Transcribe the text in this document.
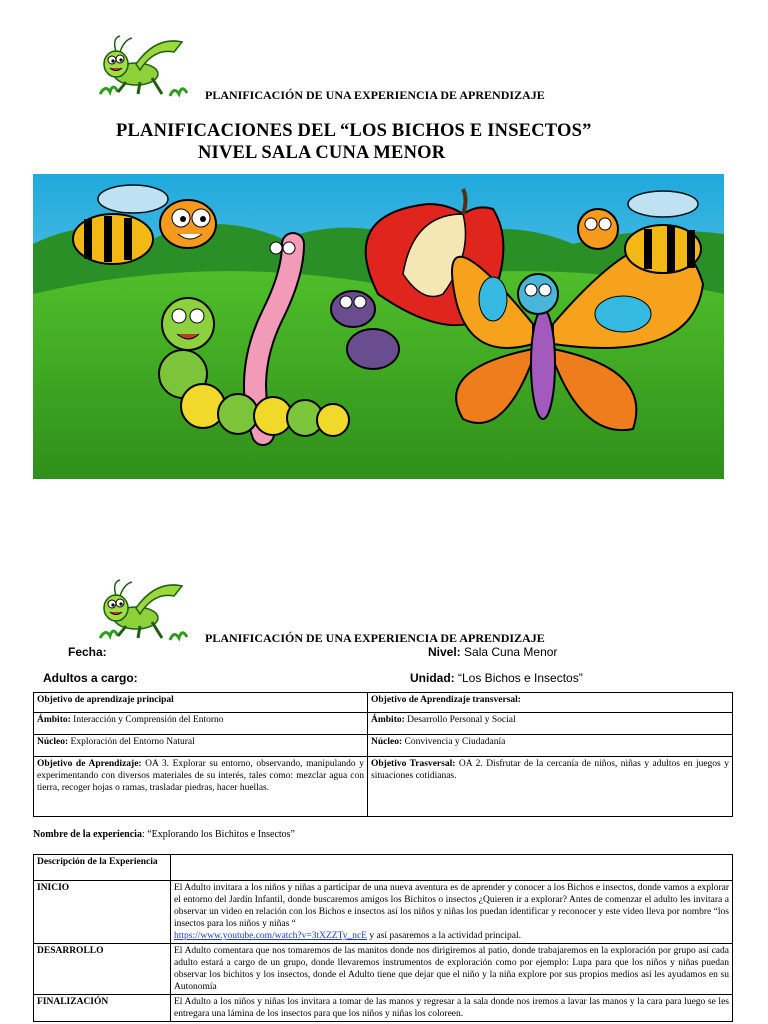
PLANIFICACIÓN DE UNA EXPERIENCIA DE APRENDIZAJE
PLANIFICACIONES DEL “LOS BICHOS E INSECTOS”
NIVEL SALA CUNA MENOR
PLANIFICACIÓN DE UNA EXPERIENCIA DE APRENDIZAJE
Fecha:	Nivel: Sala Cuna Menor
Adultos a cargo:	Unidad: “Los Bichos e Insectos”
Objetivo de aprendizaje principal	Objetivo de Aprendizaje transversal:
Ámbito: Interacción y Comprensión del Entorno	Ámbito: Desarrollo Personal y Social
Núcleo: Exploración del Entorno Natural	Núcleo: Convivencia y Ciudadanía
Objetivo de Aprendizaje: OA 3. Explorar su entorno, observando, manipulando y experimentando con diversos materiales de su interés, tales como: mezclar agua con tierra, recoger hojas o ramas, trasladar piedras, hacer huellas.	Objetivo Trasversal: OA 2. Disfrutar de la cercanía de niños, niñas y adultos en juegos y situaciones cotidianas.
Nombre de la experiencia: “Explorando los Bichitos e Insectos”
Descripción de la Experiencia	
INICIO	El Adulto invitara a los niños y niñas a participar de una nueva aventura es de aprender y conocer a los Bichos e insectos, donde vamos a explorar el entorno del Jardín Infantil, donde buscaremos amigos los Bichitos o insectos ¿Quieren ir a explorar? Antes de comenzar el adulto les invitara a observar un video en relación con los Bichos e insectos así los niños y niñas los puedan identificar y reconocer y este video lleva por nombre “los insectos para los niños y niñas “
https://www.youtube.com/watch?v=3tXZZTy_ncE y así pasaremos a la actividad principal.
DESARROLLO	El Adulto comentara que nos tomaremos de las manitos donde nos dirigiremos al patio, donde trabajaremos en la exploración por grupo así cada adulto estará a cargo de un grupo, donde llevaremos instrumentos de exploración como por ejemplo: Lupa para que los niños y niñas puedan observar los bichitos y los insectos, donde el Adulto tiene que dejar que el niño y la niña explore por sus propios medios así les ayudamos en su Autonomía
FINALIZACIÓN	El Adulto a los niños y niñas los invitara a tomar de las manos y regresar a la sala donde nos iremos a lavar las manos y la cara para luego se les entregara una lámina de los insectos para que los niños y niñas los coloreen.
